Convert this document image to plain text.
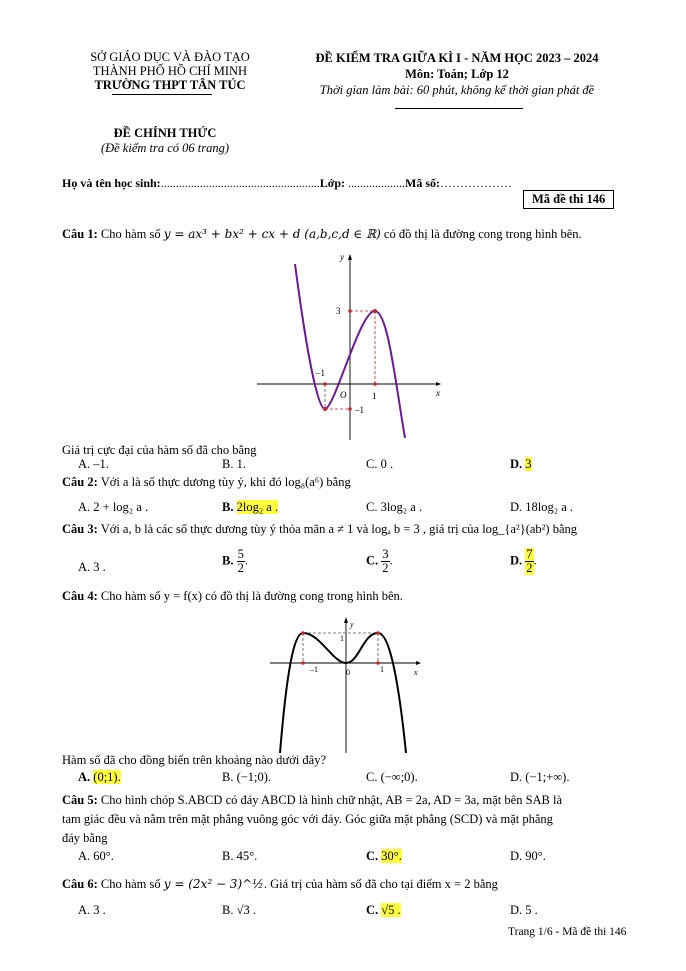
SỞ GIÁO DỤC VÀ ĐÀO TẠO
THÀNH PHỐ HỒ CHÍ MINH
TRƯỜNG THPT TÂN TÚC
ĐỀ KIỂM TRA GIỮA KÌ I - NĂM HỌC 2023 – 2024
Môn: Toán; Lớp 12
Thời gian làm bài: 60 phút, không kể thời gian phát đề
ĐỀ CHÍNH THỨC
(Đề kiểm tra có 06 trang)
Họ và tên học sinh:.....................................................Lớp: ...................Mã số:………………
Mã đề thi 146
Câu 1: Cho hàm số y = ax³ + bx² + cx + d (a,b,c,d ∈ ℝ) có đồ thị là đường cong trong hình bên.
y
x
O
3
–1
1
–1
Giá trị cực đại của hàm số đã cho bằng
A. –1.	B. 1.	C. 0 .	D. 3
Câu 2: Với a là số thực dương tùy ý, khi đó log₈(a⁶) bằng
A. 2 + log₂ a .	B. 2log₂ a .	C. 3log₂ a .	D. 18log₂ a .
Câu 3: Với a, b là các số thực dương tùy ý thỏa mãn a ≠ 1 và logₐ b = 3 , giá trị của log_{a²}(ab²) bằng
A. 3 .	B. $\frac{5}{2}$ .	C. $\frac{3}{2}$ .	D. $\frac{7}{2}$ .
Câu 4: Cho hàm số y = f(x) có đồ thị là đường cong trong hình bên.
y
x
1
–1	0	1
Hàm số đã cho đồng biến trên khoảng nào dưới đây?
A. (0;1).	B. (−1;0).	C. (−∞;0).	D. (−1;+∞).
Câu 5: Cho hình chóp S.ABCD có đáy ABCD là hình chữ nhật, AB = 2a, AD = 3a, mặt bên SAB là
tam giác đều và nằm trên mặt phẳng vuông góc với đáy. Góc giữa mặt phẳng (SCD) và mặt phẳng
đáy bằng
A. 60°.	B. 45°.	C. 30°.	D. 90°.
Câu 6: Cho hàm số y = (2x² − 3)^½. Giá trị của hàm số đã cho tại điểm x = 2 bằng
A. 3 .	B. √3 .	C. √5 .	D. 5 .
Trang 1/6 - Mã đề thi 146
